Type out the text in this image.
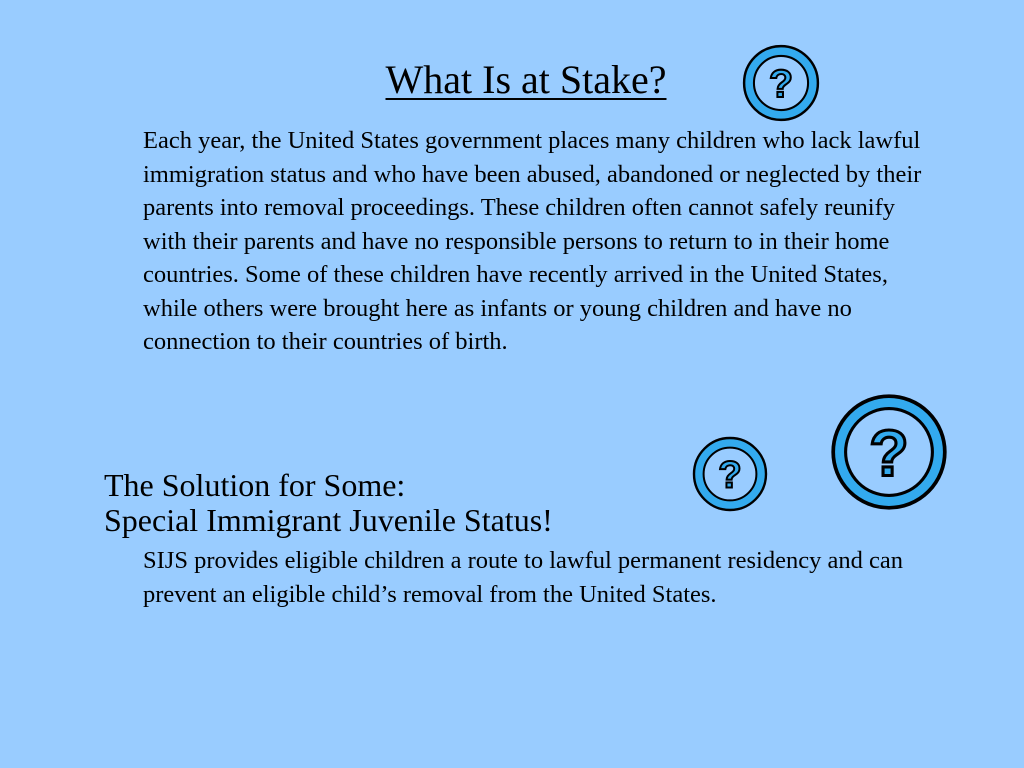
What Is at Stake?

Each year, the United States government places many children who lack lawful immigration status and who have been abused, abandoned or neglected by their parents into removal proceedings. These children often cannot safely reunify with their parents and have no responsible persons to return to in their home countries. Some of these children have recently arrived in the United States, while others were brought here as infants or young children and have no connection to their countries of birth.

The Solution for Some:
Special Immigrant Juvenile Status!

SIJS provides eligible children a route to lawful permanent residency and can prevent an eligible child’s removal from the United States.

?
? ?
